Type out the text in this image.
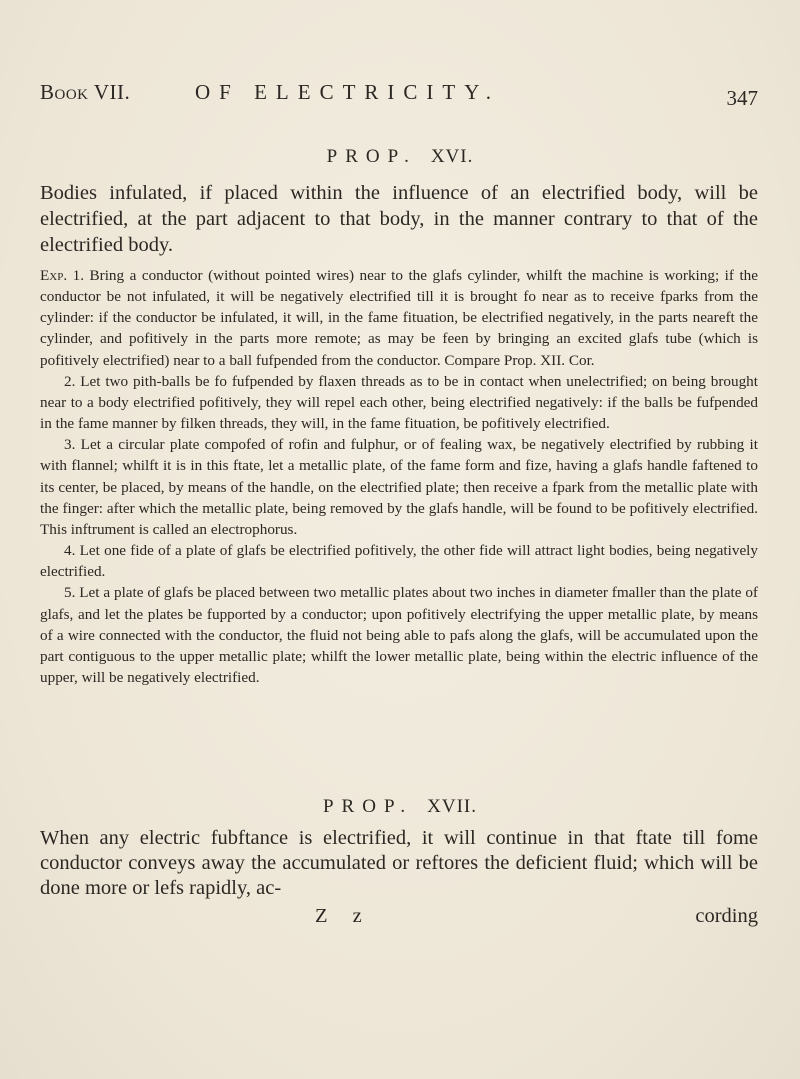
Book VII.	OF ELECTRICITY.	347
PROP. XVI.
Bodies infulated, if placed within the influence of an electrified body, will be electrified, at the part adjacent to that body, in the manner contrary to that of the electrified body.

Exp. 1. Bring a conductor (without pointed wires) near to the glafs cylinder, whilft the machine is working; if the conductor be not infulated, it will be negatively electrified till it is brought fo near as to receive fparks from the cylinder: if the conductor be infulated, it will, in the fame fituation, be electrified negatively, in the parts neareft the cylinder, and pofitively in the parts more remote; as may be feen by bringing an excited glafs tube (which is pofitively electrified) near to a ball fufpended from the conductor. Compare Prop. XII. Cor.

2. Let two pith-balls be fo fufpended by flaxen threads as to be in contact when unelectrified; on being brought near to a body electrified pofitively, they will repel each other, being electrified negatively: if the balls be fufpended in the fame manner by filken threads, they will, in the fame fituation, be pofitively electrified.

3. Let a circular plate compofed of rofin and fulphur, or of fealing wax, be negatively electrified by rubbing it with flannel; whilft it is in this ftate, let a metallic plate, of the fame form and fize, having a glafs handle faftened to its center, be placed, by means of the handle, on the electrified plate; then receive a fpark from the metallic plate with the finger: after which the metallic plate, being removed by the glafs handle, will be found to be pofitively electrified. This inftrument is called an electrophorus.

4. Let one fide of a plate of glafs be electrified pofitively, the other fide will attract light bodies, being negatively electrified.

5. Let a plate of glafs be placed between two metallic plates about two inches in diameter fmaller than the plate of glafs, and let the plates be fupported by a conductor; upon pofitively electrifying the upper metallic plate, by means of a wire connected with the conductor, the fluid not being able to pafs along the glafs, will be accumulated upon the part contiguous to the upper metallic plate; whilft the lower metallic plate, being within the electric influence of the upper, will be negatively electrified.

PROP. XVII.
When any electric fubftance is electrified, it will continue in that ftate till fome conductor conveys away the accumulated or reftores the deficient fluid; which will be done more or lefs rapidly, ac-
Z z	cording
